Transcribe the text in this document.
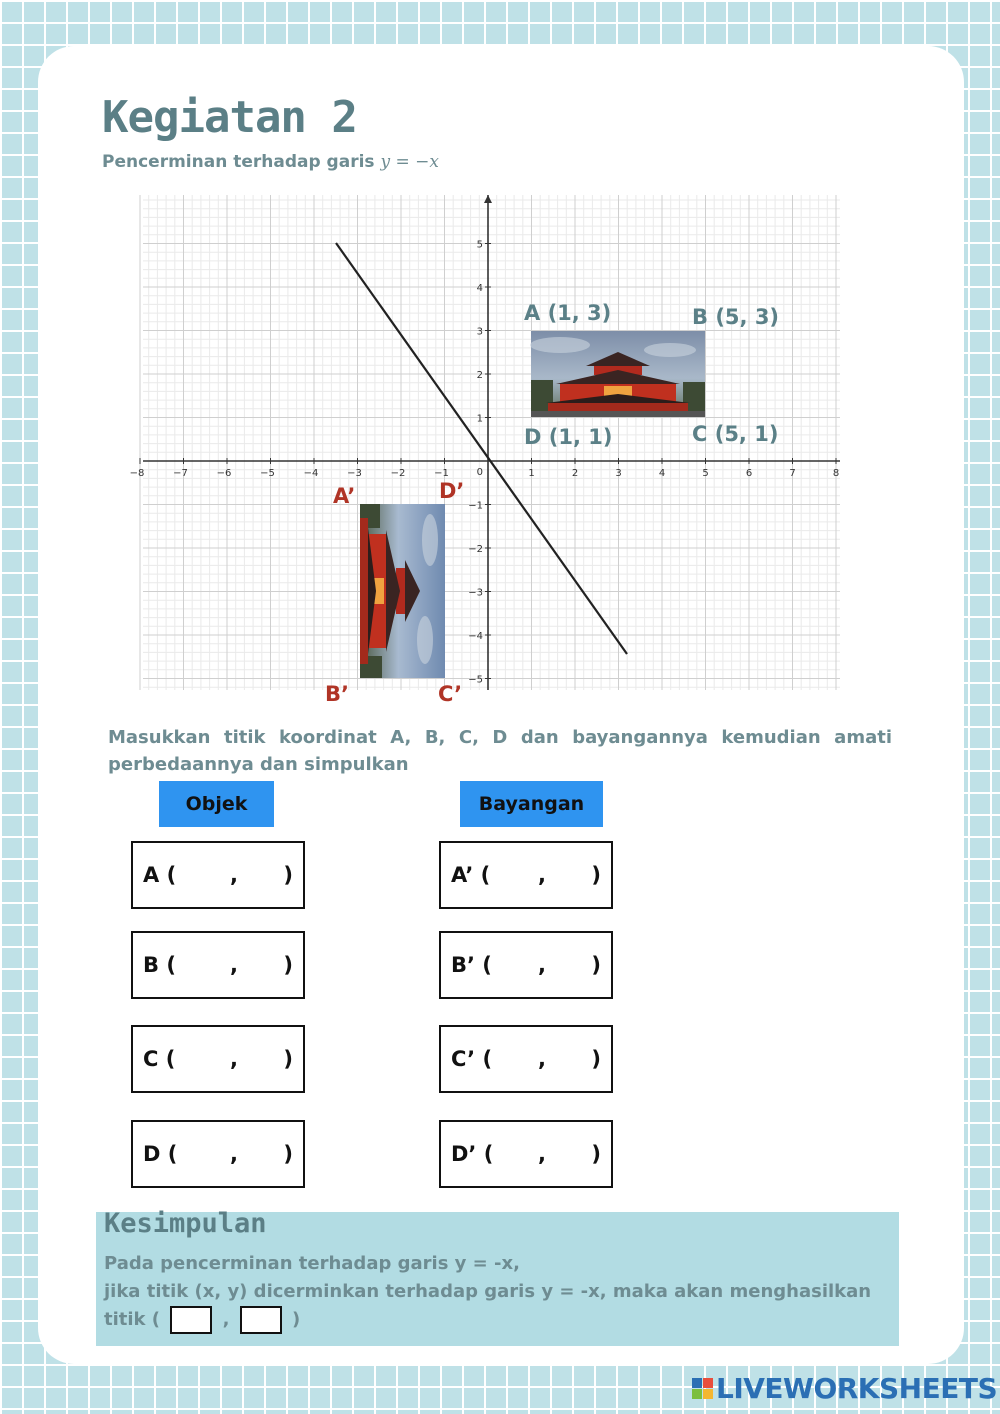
Kegiatan 2
Pencerminan terhadap garis y = −x
−8	−7	−6	−5	−4	−3	−2	−1	1	2	3	4	5	6	7	8
5
4
3
2
1
−1
−2
−3
−4
−5
0
A (1, 3)	B (5, 3)
D (1, 1)	C (5, 1)
A’	D’
B’	C’
Masukkan titik koordinat A, B, C, D dan bayangannya kemudian amati perbedaannya dan simpulkan
Objek	Bayangan
A (	, )	A’ ( , )
B (	, )	B’ ( , )
C (	, )	C’ ( , )
D (	, )	D’ ( , )
Kesimpulan
Pada pencerminan terhadap garis y = -x,
jika titik (x, y) dicerminkan terhadap garis y = -x, maka akan menghasilkan
titik (	,	)
LIVEWORKSHEETS
